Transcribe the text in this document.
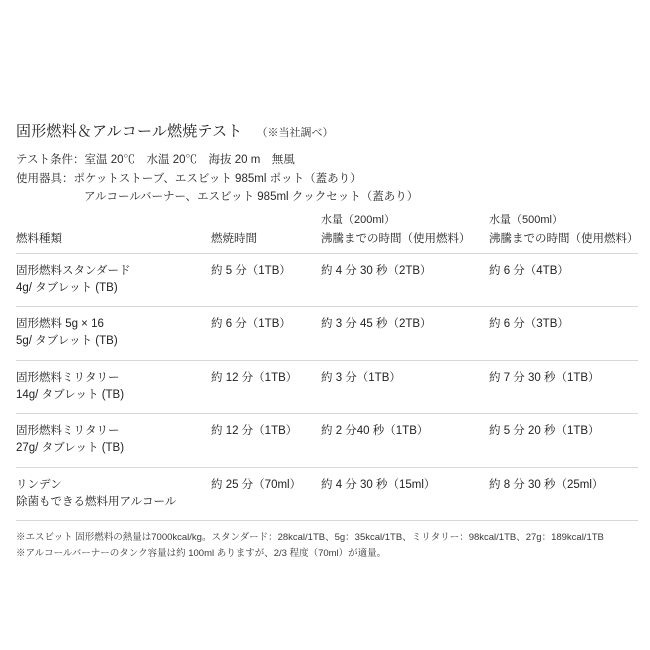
固形燃料＆アルコール燃焼テスト （※当社調べ）
テスト条件：室温 20℃　水温 20℃　海抜 20 m　無風
使用器具：ポケットストーブ、エスビット 985ml ポット（蓋あり）
アルコールバーナー、エスビット 985ml クックセット（蓋あり）
		水量（200ml）	水量（500ml）
燃料種類	燃焼時間	沸騰までの時間（使用燃料）	沸騰までの時間（使用燃料）

固形燃料スタンダード
4g/ タブレット (TB)	約 5 分（1TB）	約 4 分 30 秒（2TB）	約 6 分（4TB）

固形燃料 5g × 16
5g/ タブレット (TB)	約 6 分（1TB）	約 3 分 45 秒（2TB）	約 6 分（3TB）

固形燃料ミリタリー
14g/ タブレット (TB)	約 12 分（1TB）	約 3 分（1TB）	約 7 分 30 秒（1TB）

固形燃料ミリタリー
27g/ タブレット (TB)	約 12 分（1TB）	約 2 分40 秒（1TB）	約 5 分 20 秒（1TB）

リンデン
除菌もできる燃料用アルコール	約 25 分（70ml）	約 4 分 30 秒（15ml）	約 8 分 30 秒（25ml）
※エスビット 固形燃料の熱量は7000kcal/kg。スタンダード：28kcal/1TB、5g：35kcal/1TB、ミリタリー：98kcal/1TB、27g：189kcal/1TB
※アルコールバーナーのタンク容量は約 100ml ありますが、2/3 程度（70ml）が適量。
